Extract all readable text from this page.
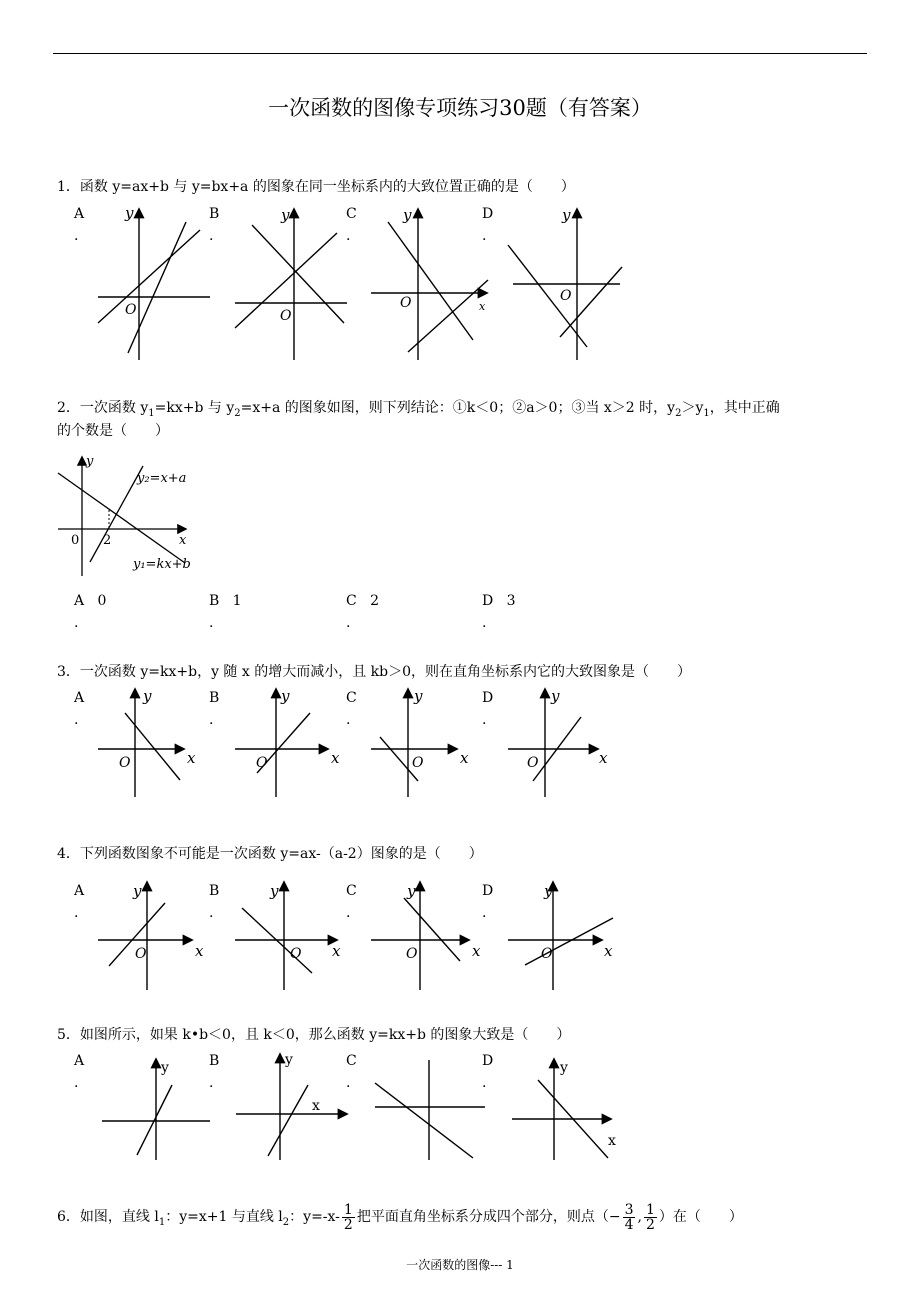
一次函数的图像专项练习30题（有答案）
1．函数 y=ax+b 与 y=bx+a 的图象在同一坐标系内的大致位置正确的是（　　）
A
.
B
.
C
.
D
.
y
O
y
O
y
O	x
y
O
2．一次函数 $y_1=kx+b$ 与 $y_2=x+a$ 的图象如图，则下列结论：①k＜0；②a＞0；③当 x＞2 时，$y_2>y_1$，其中正确
的个数是（　　）
y
x
0 2
y₂=x+a
y₁=kx+b
A 0
.
B 1
.
C 2
.
D 3
.
3．一次函数 y=kx+b，y 随 x 的增大而减小，且 kb＞0，则在直角坐标系内它的大致图象是（　　）
A
.
B
.
C
.
D
.
y
x
O
y
x
O
y
x
O
y
x
O
4．下列函数图象不可能是一次函数 y=ax-（a-2）图象的是（　　）
A
.
B
.
C
.
D
.
y
x
O
y
x
O
y
x
O
y
x
O
5．如图所示，如果 k•b＜0，且 k＜0，那么函数 y=kx+b 的图象大致是（　　）
A
.
B
.
C
.
D
.
y	y
x
y
x
6．如图，直线 $l_1$：y=x+1 与直线 $l_2$：$y=-x- \frac{1}{2}$ 把平面直角坐标系分成四个部分，则点（− $\frac{3}{4}$ , $\frac{1}{2}$ ）在（　　）
一次函数的图像--- 1
